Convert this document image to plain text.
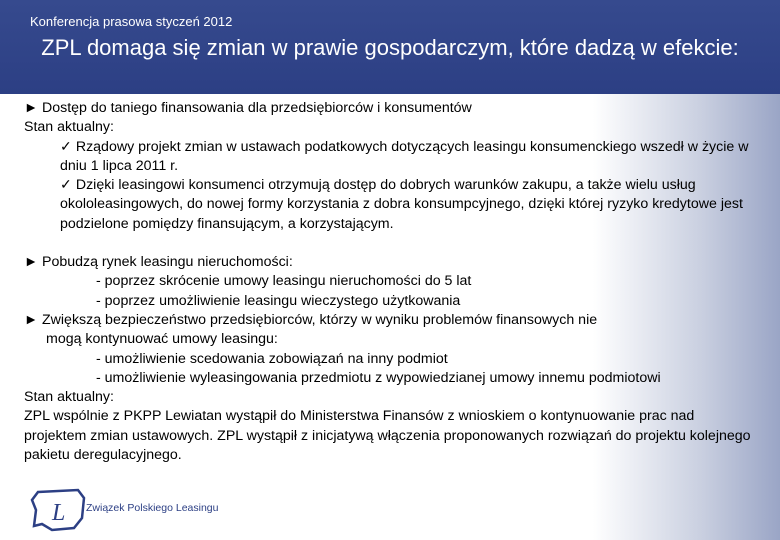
Konferencja prasowa styczeń 2012
ZPL domaga się zmian w prawie gospodarczym, które dadzą w efekcie:

► Dostęp do taniego finansowania dla przedsiębiorców i konsumentów

Stan aktualny:

✓ Rządowy projekt zmian w ustawach podatkowych dotyczących leasingu konsumenckiego wszedł w życie w dniu 1 lipca 2011 r.

✓ Dzięki leasingowi konsumenci otrzymują dostęp do dobrych warunków zakupu, a także wielu usług okololeasingowych, do nowej formy korzystania z dobra konsumpcyjnego, dzięki której ryzyko kredytowe jest podzielone pomiędzy finansującym, a korzystającym.

► Pobudzą rynek leasingu nieruchomości:

- poprzez skrócenie umowy leasingu nieruchomości do 5 lat

- poprzez umożliwienie leasingu wieczystego użytkowania

► Zwiększą bezpieczeństwo przedsiębiorców, którzy w wyniku problemów finansowych nie

mogą kontynuować umowy leasingu:

- umożliwienie scedowania zobowiązań na inny podmiot

- umożliwienie wyleasingowania przedmiotu z wypowiedzianej umowy innemu podmiotowi

Stan aktualny:

ZPL wspólnie z PKPP Lewiatan wystąpił do Ministerstwa Finansów z wnioskiem o kontynuowanie prac nad projektem zmian ustawowych. ZPL wystąpił z inicjatywą włączenia proponowanych rozwiązań do projektu kolejnego pakietu deregulacyjnego.

L Związek Polskiego Leasingu
